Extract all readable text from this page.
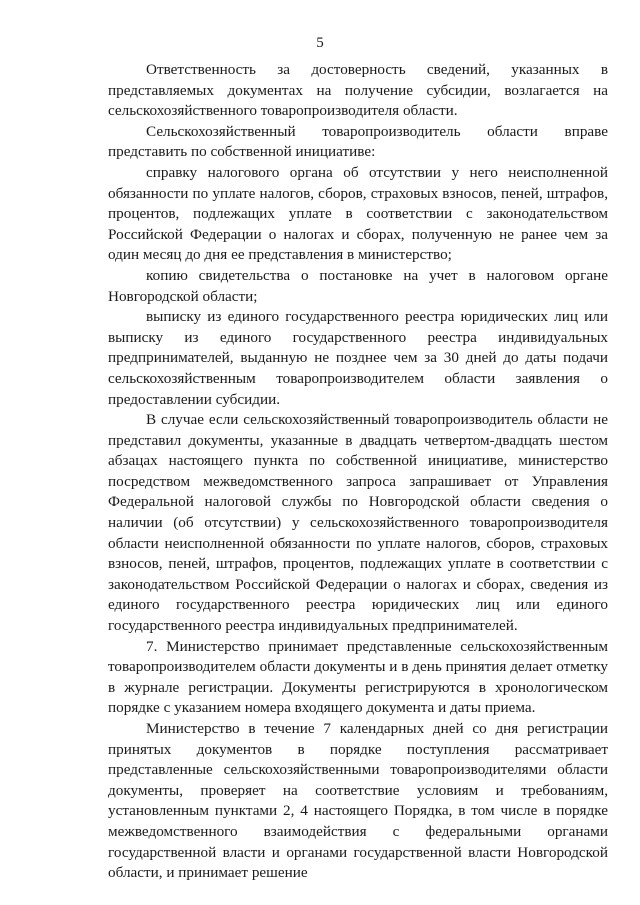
5

Ответственность за достоверность сведений, указанных в представляемых документах на получение субсидии, возлагается на сельскохозяйственного товаропроизводителя области.

Сельскохозяйственный товаропроизводитель области вправе представить по собственной инициативе:

справку налогового органа об отсутствии у него неисполненной обязанности по уплате налогов, сборов, страховых взносов, пеней, штрафов, процентов, подлежащих уплате в соответствии с законодательством Российской Федерации о налогах и сборах, полученную не ранее чем за один месяц до дня ее представления в министерство;

копию свидетельства о постановке на учет в налоговом органе Новгородской области;

выписку из единого государственного реестра юридических лиц или выписку из единого государственного реестра индивидуальных предпринимателей, выданную не позднее чем за 30 дней до даты подачи сельскохозяйственным товаропроизводителем области заявления о предоставлении субсидии.

В случае если сельскохозяйственный товаропроизводитель области не представил документы, указанные в двадцать четвертом-двадцать шестом абзацах настоящего пункта по собственной инициативе, министерство посредством межведомственного запроса запрашивает от Управления Федеральной налоговой службы по Новгородской области сведения о наличии (об отсутствии) у сельскохозяйственного товаропроизводителя области неисполненной обязанности по уплате налогов, сборов, страховых взносов, пеней, штрафов, процентов, подлежащих уплате в соответствии с законодательством Российской Федерации о налогах и сборах, сведения из единого государственного реестра юридических лиц или единого государственного реестра индивидуальных предпринимателей.

7. Министерство принимает представленные сельскохозяйственным товаропроизводителем области документы и в день принятия делает отметку в журнале регистрации. Документы регистрируются в хронологическом порядке с указанием номера входящего документа и даты приема.

Министерство в течение 7 календарных дней со дня регистрации принятых документов в порядке поступления рассматривает представленные сельскохозяйственными товаропроизводителями области документы, проверяет на соответствие условиям и требованиям, установленным пунктами 2, 4 настоящего Порядка, в том числе в порядке межведомственного взаимодействия с федеральными органами государственной власти и органами государственной власти Новгородской области, и принимает решение
